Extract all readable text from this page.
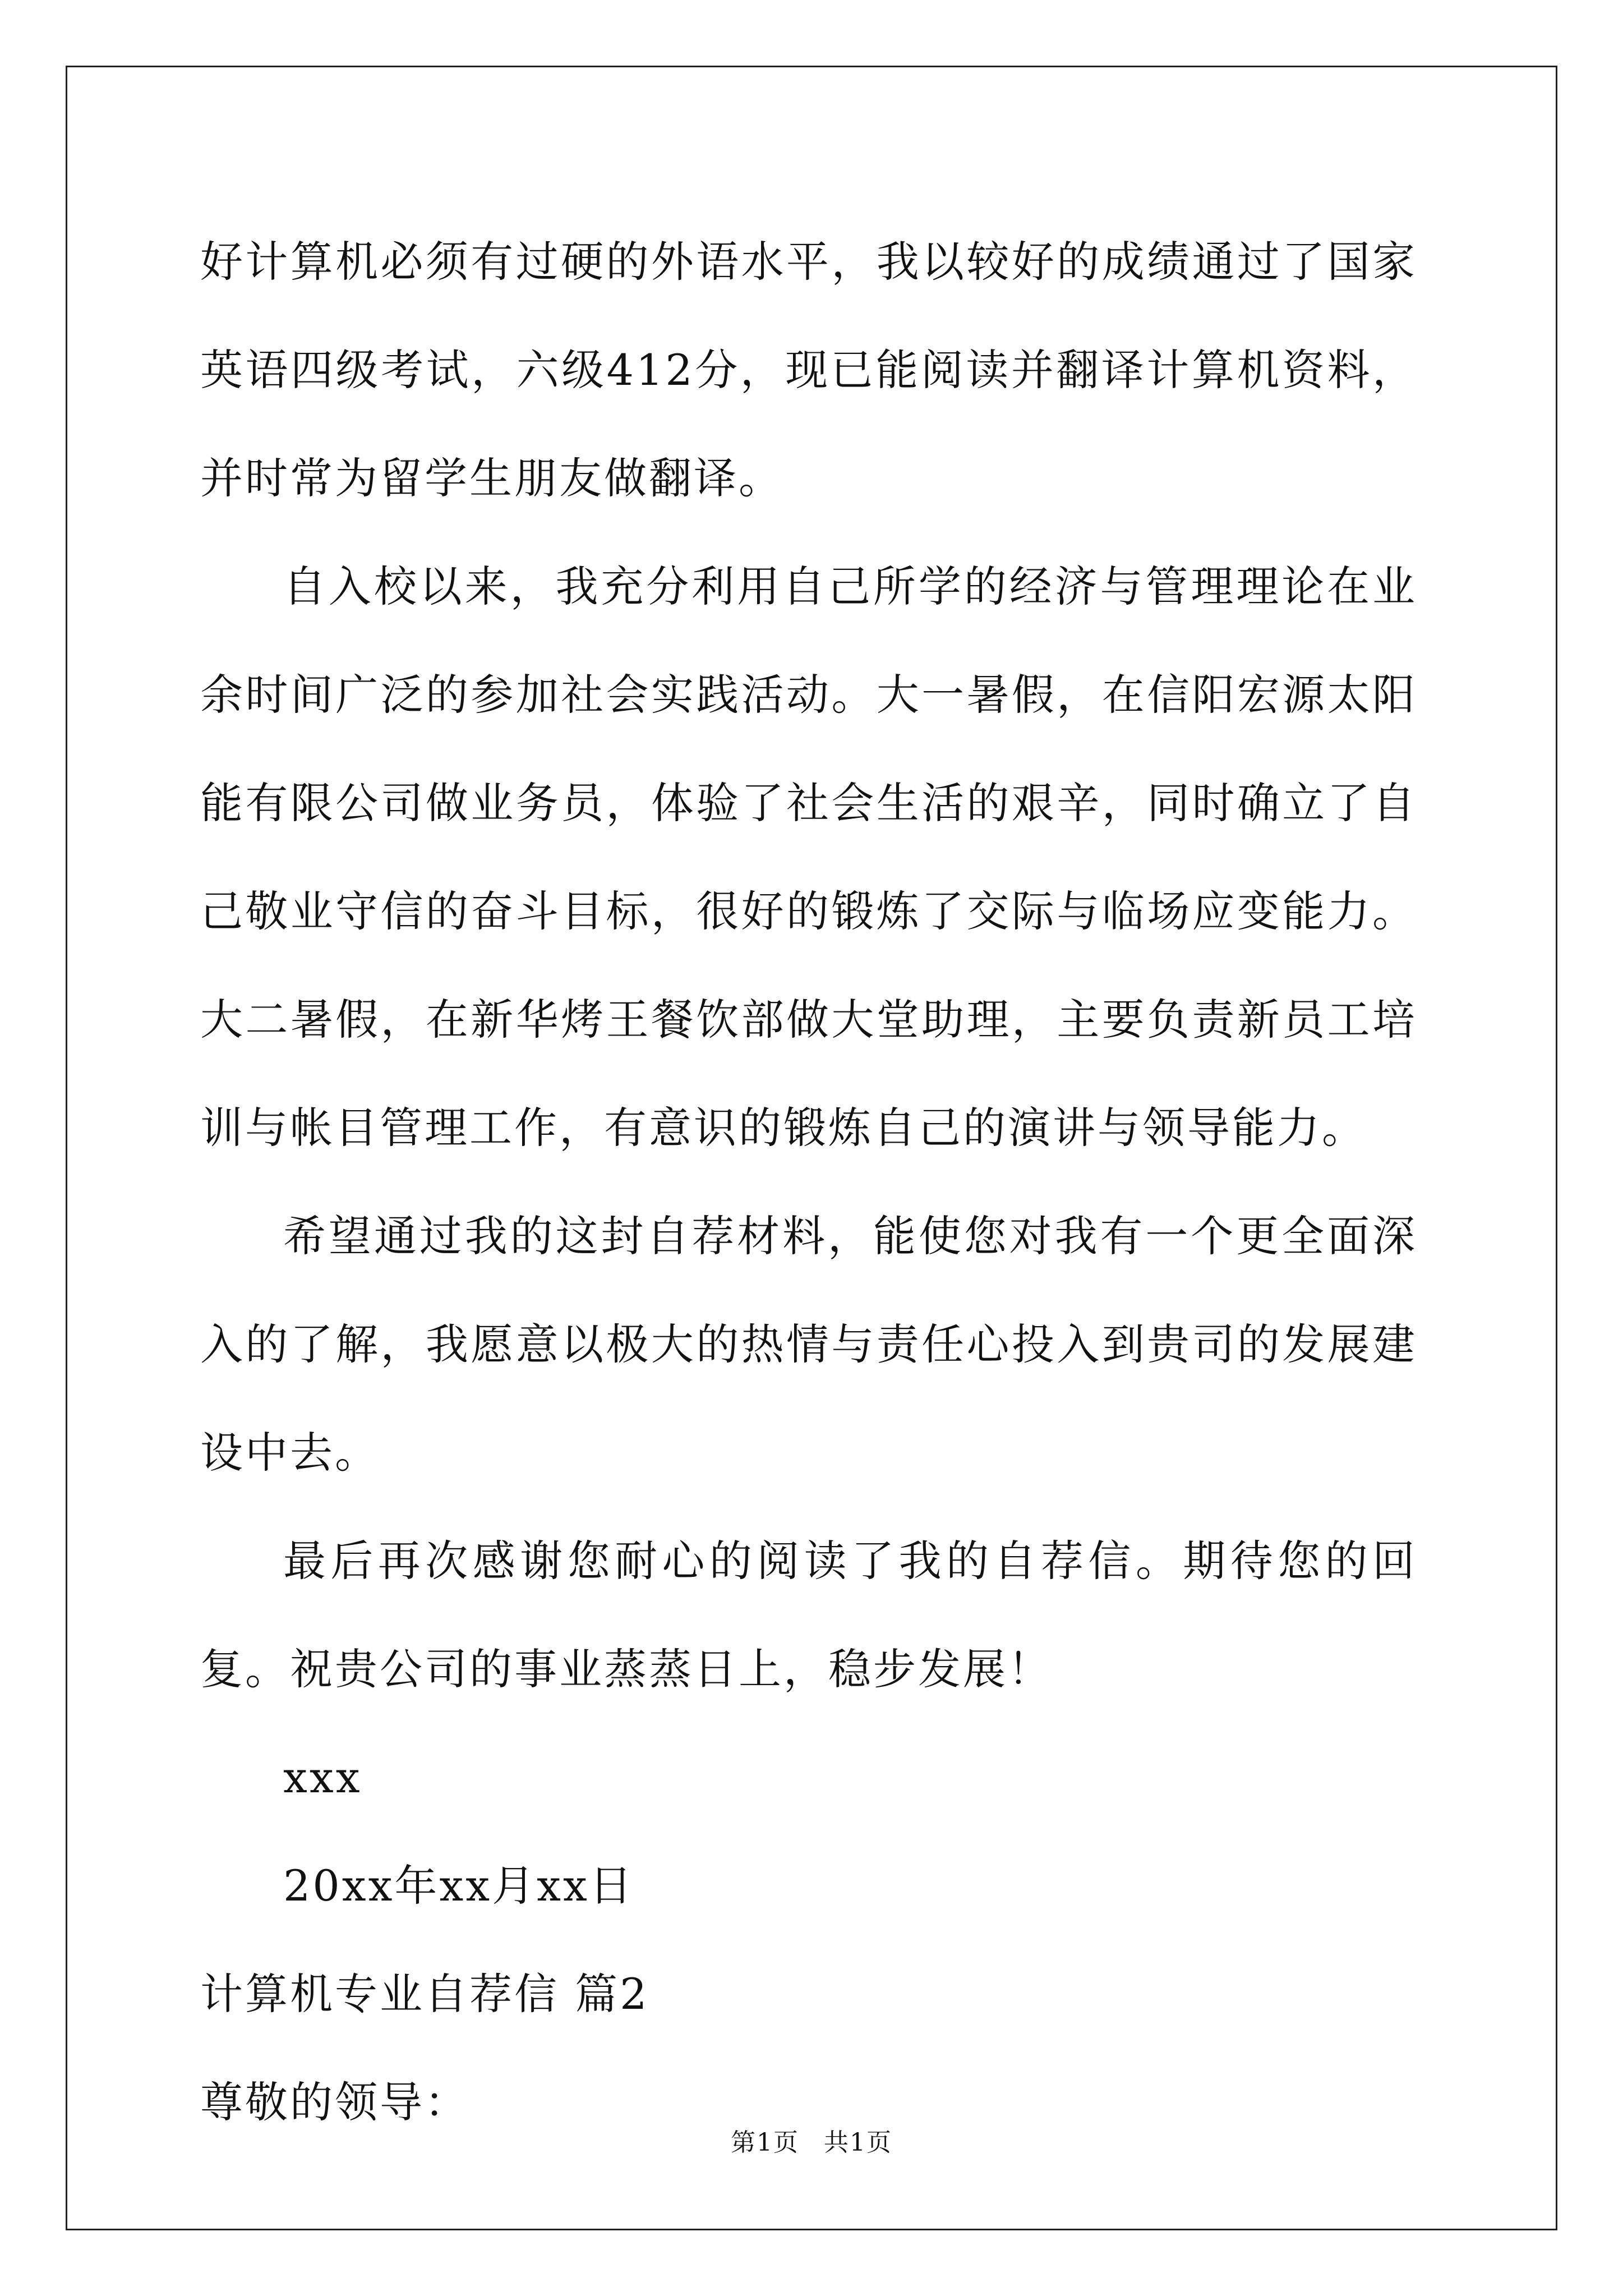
好计算机必须有过硬的外语水平，我以较好的成绩通过了国家英语四级考试，六级412分，现已能阅读并翻译计算机资料，并时常为留学生朋友做翻译。

自入校以来，我充分利用自己所学的经济与管理理论在业余时间广泛的参加社会实践活动。大一暑假，在信阳宏源太阳能有限公司做业务员，体验了社会生活的艰辛，同时确立了自己敬业守信的奋斗目标，很好的锻炼了交际与临场应变能力。大二暑假，在新华烤王餐饮部做大堂助理，主要负责新员工培训与帐目管理工作，有意识的锻炼自己的演讲与领导能力。

希望通过我的这封自荐材料，能使您对我有一个更全面深入的了解，我愿意以极大的热情与责任心投入到贵司的发展建设中去。

最后再次感谢您耐心的阅读了我的自荐信。期待您的回复。祝贵公司的事业蒸蒸日上，稳步发展！

xxx

20xx年xx月xx日

计算机专业自荐信 篇2

尊敬的领导：

第1页 共1页
